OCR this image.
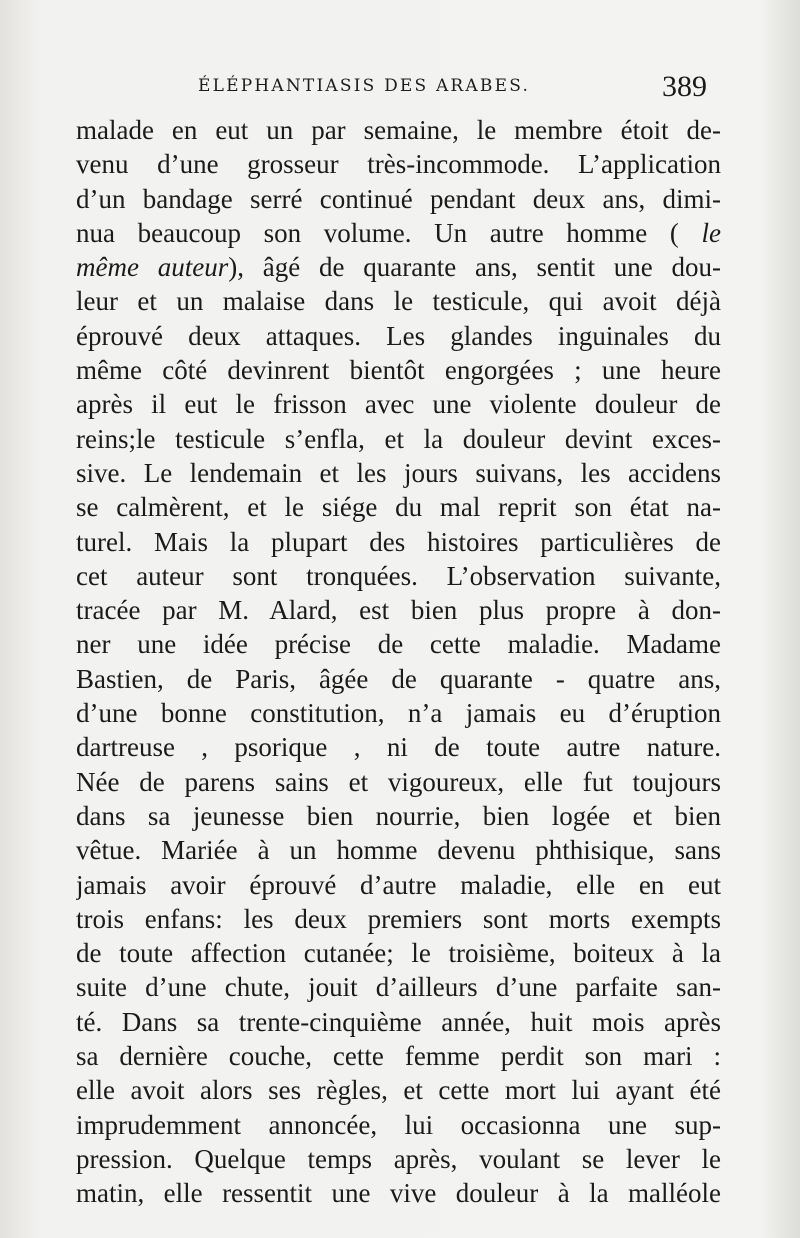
ÉLÉPHANTIASIS DES ARABES.	389
malade en eut un par semaine, le membre étoit de-
venu d’une grosseur très-incommode. L’application
d’un bandage serré continué pendant deux ans, dimi-
nua beaucoup son volume. Un autre homme ( le
même auteur), âgé de quarante ans, sentit une dou-
leur et un malaise dans le testicule, qui avoit déjà
éprouvé deux attaques. Les glandes inguinales du
même côté devinrent bientôt engorgées ; une heure
après il eut le frisson avec une violente douleur de
reins;le testicule s’enfla, et la douleur devint exces-
sive. Le lendemain et les jours suivans, les accidens
se calmèrent, et le siége du mal reprit son état na-
turel. Mais la plupart des histoires particulières de
cet auteur sont tronquées. L’observation suivante,
tracée par M. Alard, est bien plus propre à don-
ner une idée précise de cette maladie. Madame
Bastien, de Paris, âgée de quarante - quatre ans,
d’une bonne constitution, n’a jamais eu d’éruption
dartreuse , psorique , ni de toute autre nature.
Née de parens sains et vigoureux, elle fut toujours
dans sa jeunesse bien nourrie, bien logée et bien
vêtue. Mariée à un homme devenu phthisique, sans
jamais avoir éprouvé d’autre maladie, elle en eut
trois enfans: les deux premiers sont morts exempts
de toute affection cutanée; le troisième, boiteux à la
suite d’une chute, jouit d’ailleurs d’une parfaite san-
té. Dans sa trente-cinquième année, huit mois après
sa dernière couche, cette femme perdit son mari :
elle avoit alors ses règles, et cette mort lui ayant été
imprudemment annoncée, lui occasionna une sup-
pression. Quelque temps après, voulant se lever le
matin, elle ressentit une vive douleur à la malléole
